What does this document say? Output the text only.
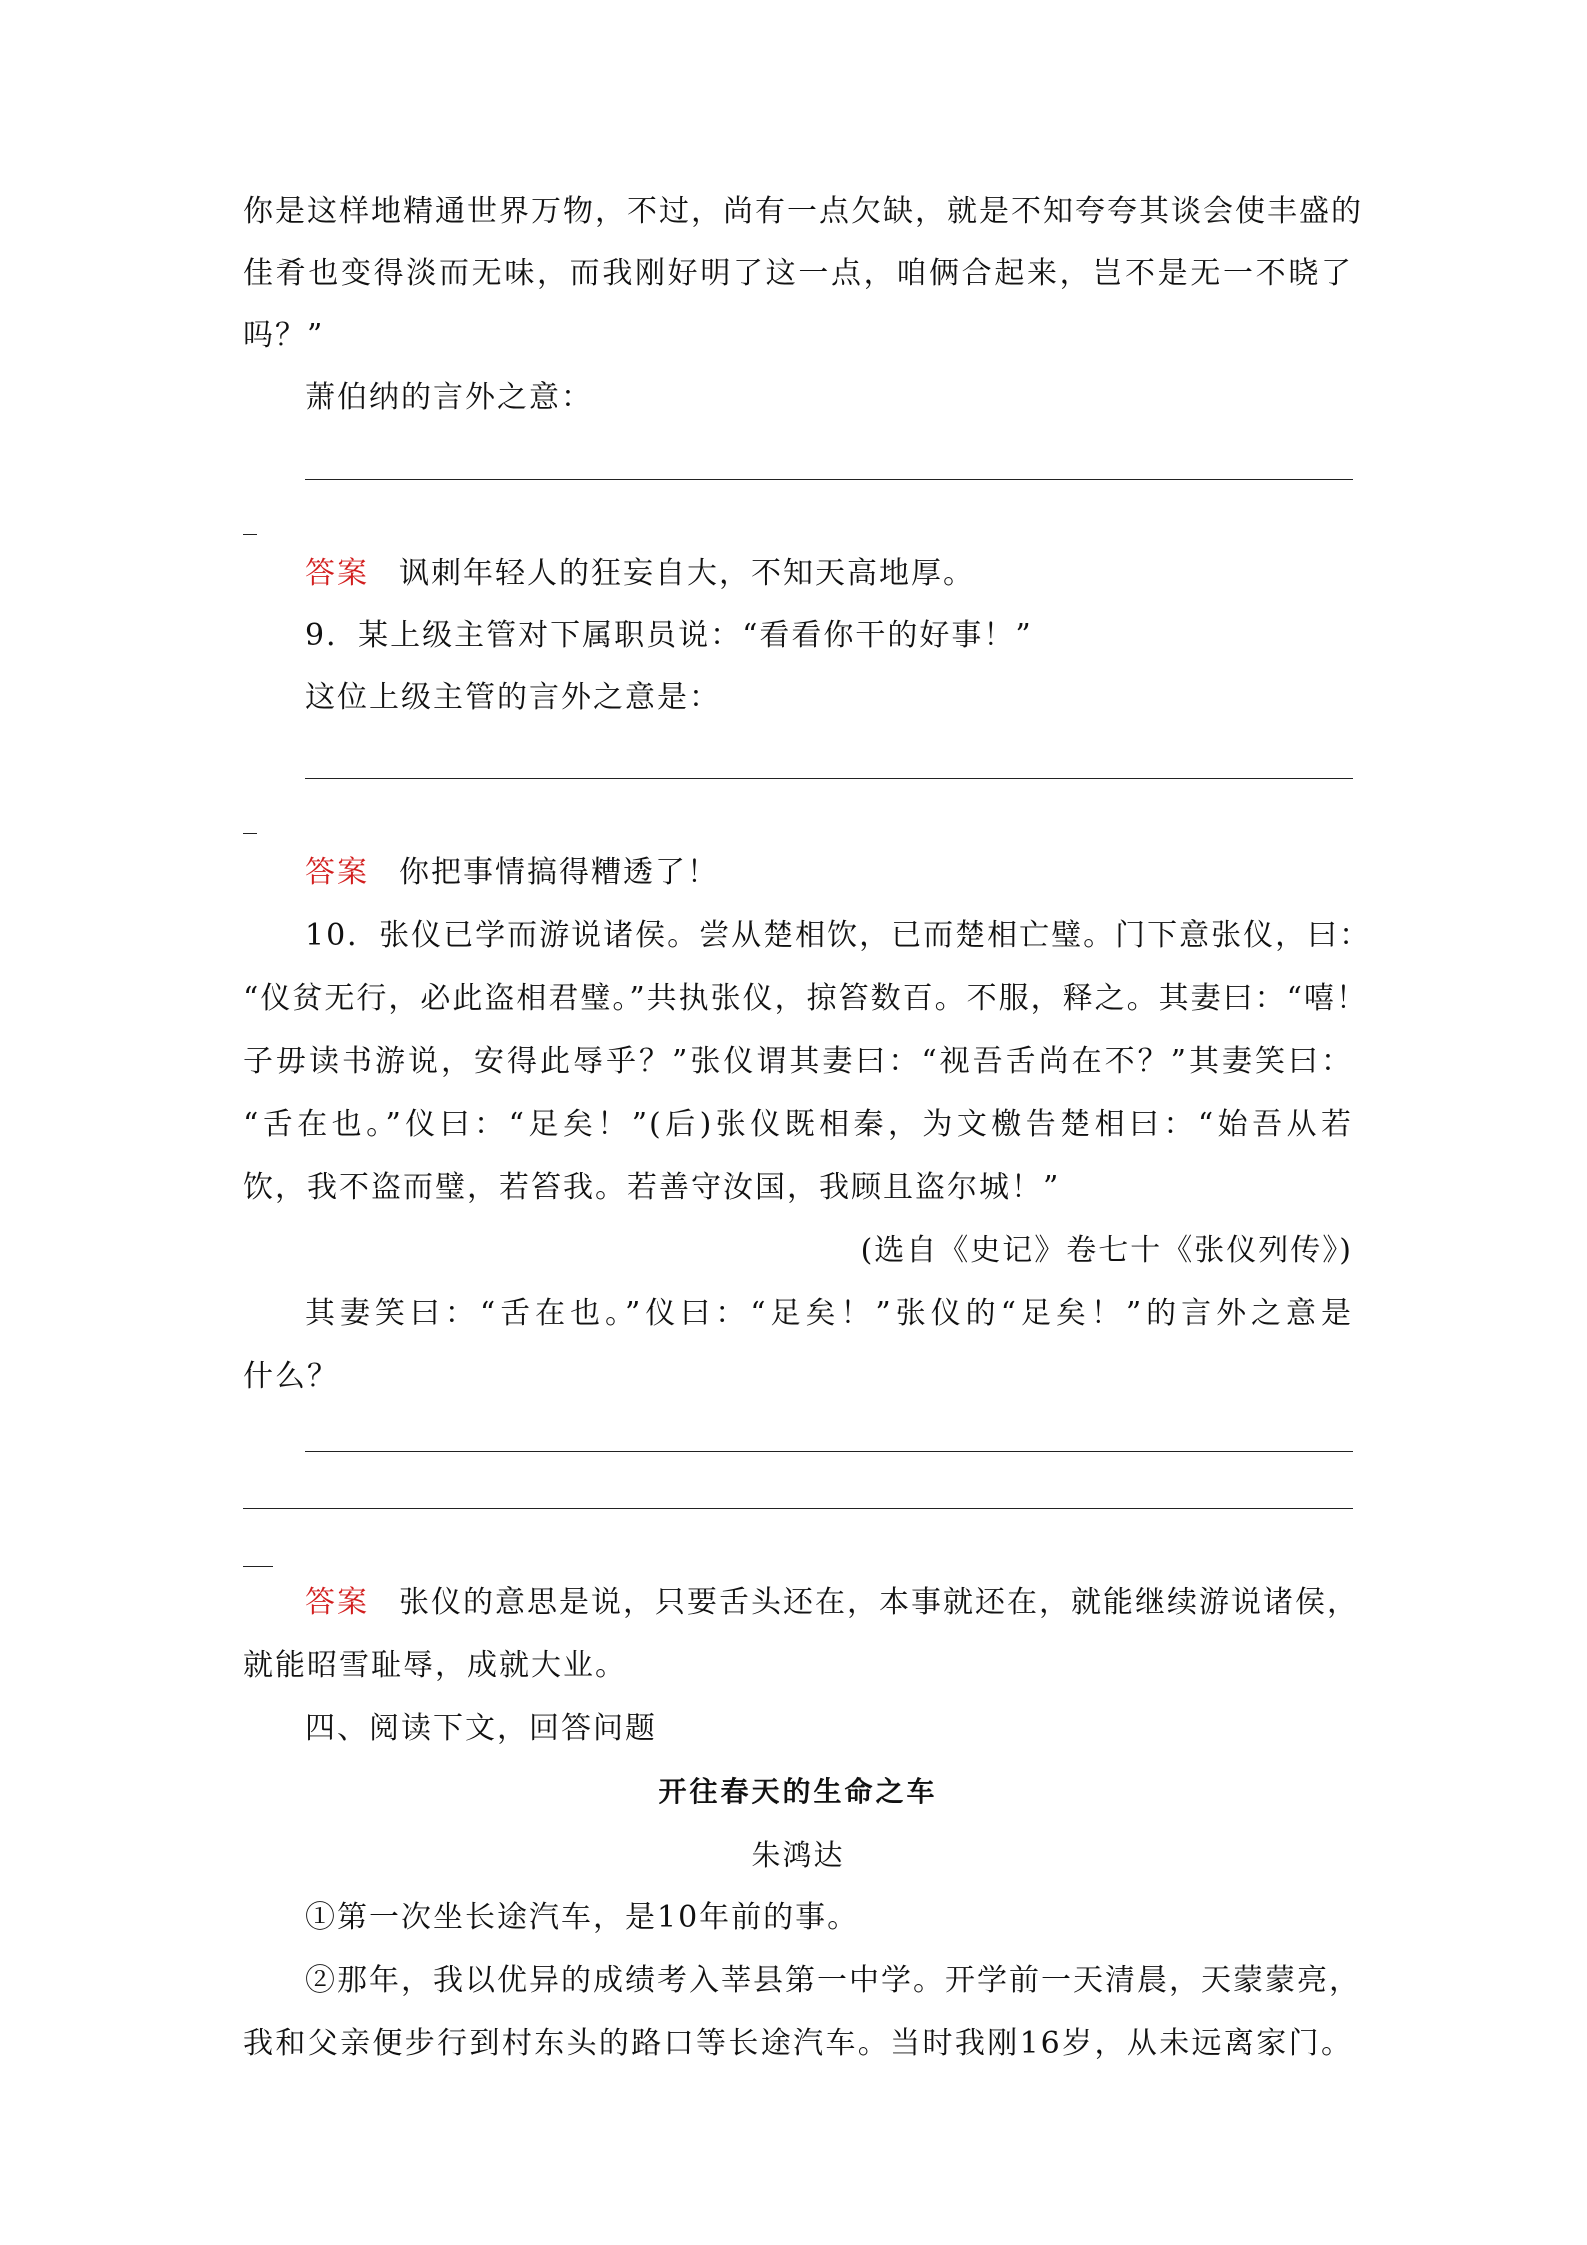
你是这样地精通世界万物，不过，尚有一点欠缺，就是不知夸夸其谈会使丰盛的
佳肴也变得淡而无味，而我刚好明了这一点，咱俩合起来，岂不是无一不晓了
吗？”
萧伯纳的言外之意：
答案 讽刺年轻人的狂妄自大，不知天高地厚。
9．某上级主管对下属职员说：“看看你干的好事！”
这位上级主管的言外之意是：
答案 你把事情搞得糟透了！
10．张仪已学而游说诸侯。尝从楚相饮，已而楚相亡璧。门下意张仪，曰：
“仪贫无行，必此盗相君璧。”共执张仪，掠笞数百。不服，释之。其妻曰：“嘻！
子毋读书游说，安得此辱乎？”张仪谓其妻曰：“视吾舌尚在不？”其妻笑曰：
“舌在也。”仪曰：“足矣！”(后)张仪既相秦，为文檄告楚相曰：“始吾从若
饮，我不盗而璧，若笞我。若善守汝国，我顾且盗尔城！”
(选自《史记》卷七十《张仪列传》)
其妻笑曰：“舌在也。”仪曰：“足矣！”张仪的“足矣！”的言外之意是
什么？
答案 张仪的意思是说，只要舌头还在，本事就还在，就能继续游说诸侯，
就能昭雪耻辱，成就大业。
四、阅读下文，回答问题
开往春天的生命之车
朱鸿达
①第一次坐长途汽车，是10年前的事。
②那年，我以优异的成绩考入莘县第一中学。开学前一天清晨，天蒙蒙亮，
我和父亲便步行到村东头的路口等长途汽车。当时我刚16岁，从未远离家门。
